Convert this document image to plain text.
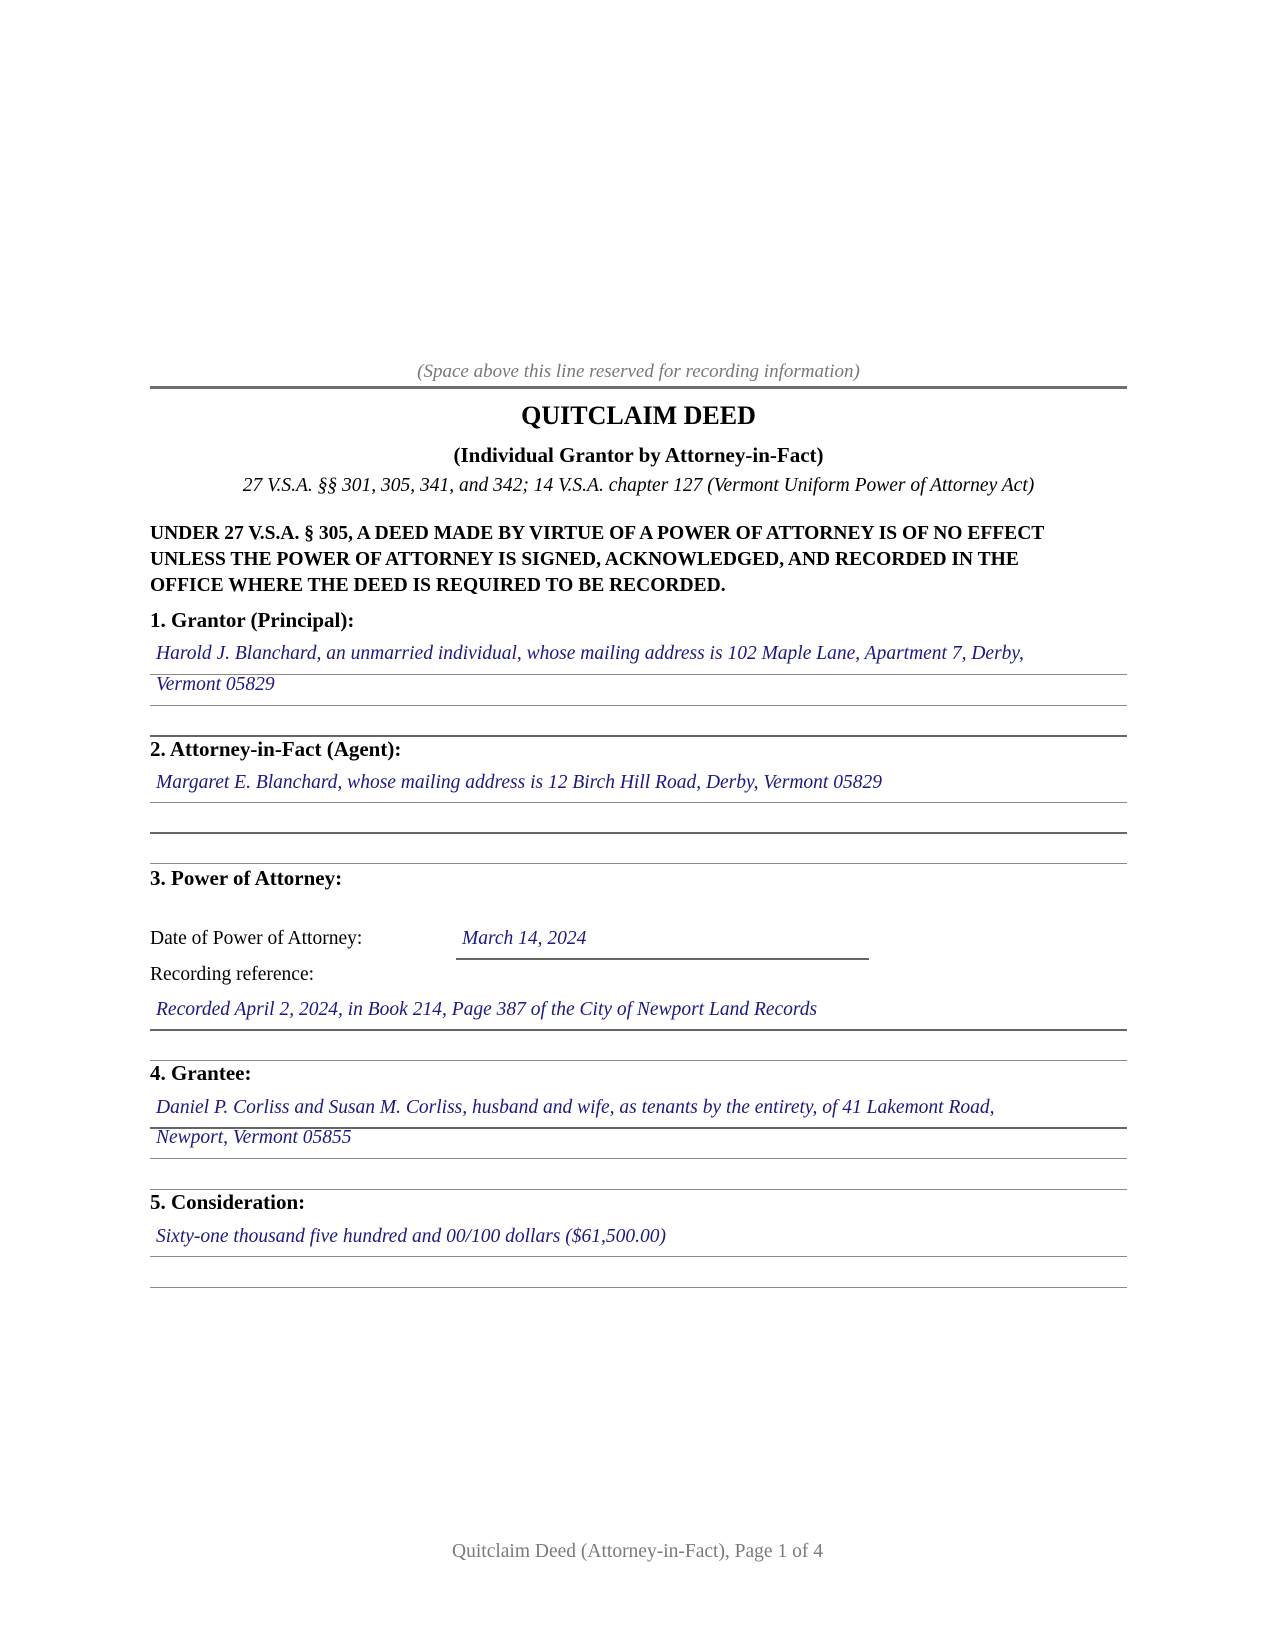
(Space above this line reserved for recording information)
QUITCLAIM DEED
(Individual Grantor by Attorney-in-Fact)
27 V.S.A. §§ 301, 305, 341, and 342; 14 V.S.A. chapter 127 (Vermont Uniform Power of Attorney Act)
UNDER 27 V.S.A. § 305, A DEED MADE BY VIRTUE OF A POWER OF ATTORNEY IS OF NO EFFECT
UNLESS THE POWER OF ATTORNEY IS SIGNED, ACKNOWLEDGED, AND RECORDED IN THE
OFFICE WHERE THE DEED IS REQUIRED TO BE RECORDED.
1. Grantor (Principal):
Harold J. Blanchard, an unmarried individual, whose mailing address is 102 Maple Lane, Apartment 7, Derby,
Vermont 05829
2. Attorney-in-Fact (Agent):
Margaret E. Blanchard, whose mailing address is 12 Birch Hill Road, Derby, Vermont 05829
3. Power of Attorney:
Date of Power of Attorney:	March 14, 2024
Recording reference:
Recorded April 2, 2024, in Book 214, Page 387 of the City of Newport Land Records
4. Grantee:
Daniel P. Corliss and Susan M. Corliss, husband and wife, as tenants by the entirety, of 41 Lakemont Road,
Newport, Vermont 05855
5. Consideration:
Sixty-one thousand five hundred and 00/100 dollars ($61,500.00)
Quitclaim Deed (Attorney-in-Fact), Page 1 of 4
